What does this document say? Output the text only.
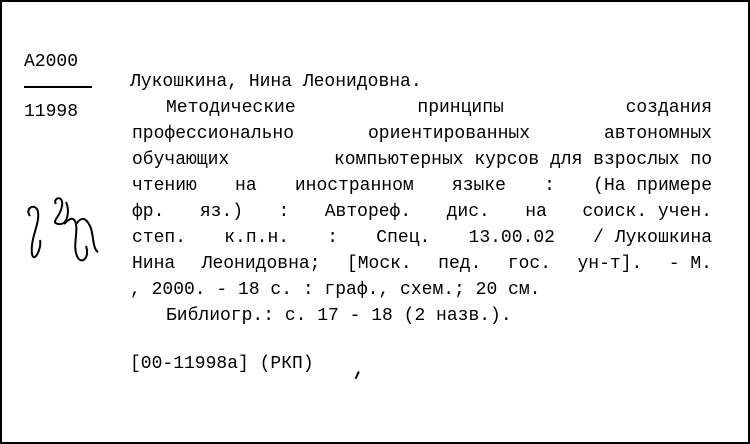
A2000
11998
Лукошкина, Нина Леонидовна.
Методические	принципы	создания
профессионально	ориентированных	автономных
обучающих	компьютерных курсов для взрослых по
чтению на иностранном языке : (На примере
фр. яз.) : Автореф. дис. на соиск. учен.
степ. к.п.н. : Спец. 13.00.02 / Лукошкина
Нина Леонидовна; [Моск. пед. гос. ун-т]. - М.
, 2000. - 18 с. : граф., схем.; 20 см.
Библиогр.: с. 17 - 18 (2 назв.).
[00-11998а] (РКП)
